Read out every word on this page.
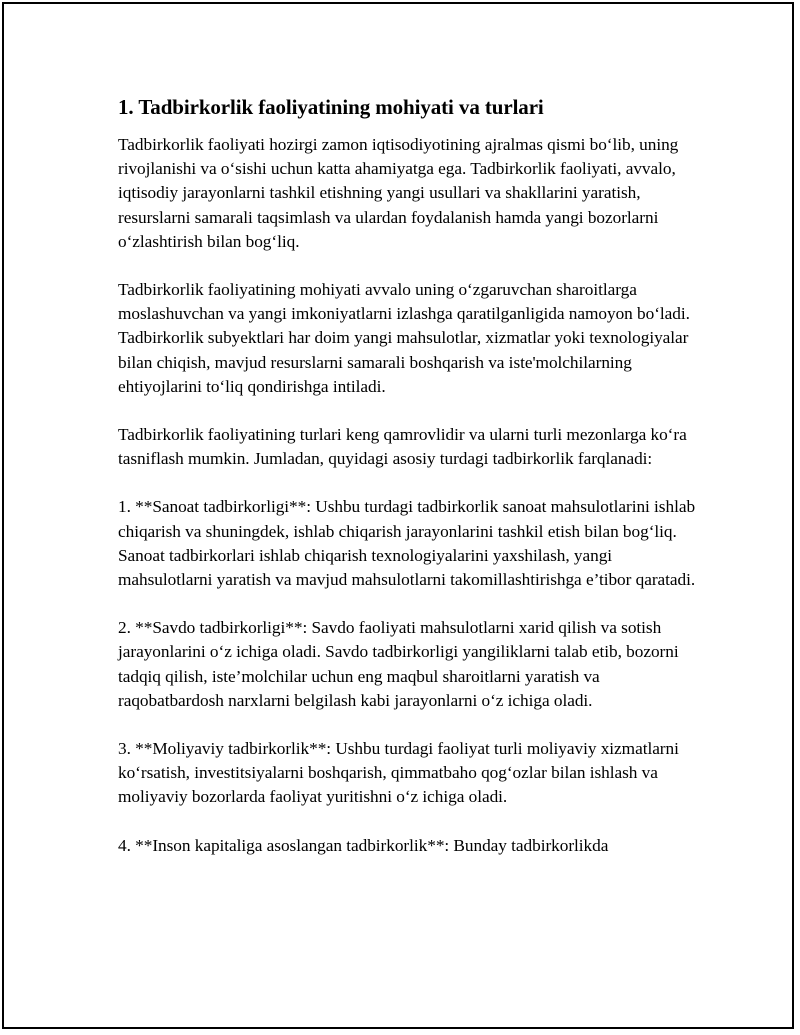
1. Tadbirkorlik faoliyatining mohiyati va turlari

Tadbirkorlik faoliyati hozirgi zamon iqtisodiyotining ajralmas qismi bo‘lib, uning rivojlanishi va o‘sishi uchun katta ahamiyatga ega. Tadbirkorlik faoliyati, avvalo, iqtisodiy jarayonlarni tashkil etishning yangi usullari va shakllarini yaratish, resurslarni samarali taqsimlash va ulardan foydalanish hamda yangi bozorlarni o‘zlashtirish bilan bog‘liq.

Tadbirkorlik faoliyatining mohiyati avvalo uning o‘zgaruvchan sharoitlarga moslashuvchan va yangi imkoniyatlarni izlashga qaratilganligida namoyon bo‘ladi. Tadbirkorlik subyektlari har doim yangi mahsulotlar, xizmatlar yoki texnologiyalar bilan chiqish, mavjud resurslarni samarali boshqarish va iste'molchilarning ehtiyojlarini to‘liq qondirishga intiladi.

Tadbirkorlik faoliyatining turlari keng qamrovlidir va ularni turli mezonlarga ko‘ra tasniflash mumkin. Jumladan, quyidagi asosiy turdagi tadbirkorlik farqlanadi:

1. **Sanoat tadbirkorligi**: Ushbu turdagi tadbirkorlik sanoat mahsulotlarini ishlab chiqarish va shuningdek, ishlab chiqarish jarayonlarini tashkil etish bilan bog‘liq. Sanoat tadbirkorlari ishlab chiqarish texnologiyalarini yaxshilash, yangi mahsulotlarni yaratish va mavjud mahsulotlarni takomillashtirishga e’tibor qaratadi.

2. **Savdo tadbirkorligi**: Savdo faoliyati mahsulotlarni xarid qilish va sotish jarayonlarini o‘z ichiga oladi. Savdo tadbirkorligi yangiliklarni talab etib, bozorni tadqiq qilish, iste’molchilar uchun eng maqbul sharoitlarni yaratish va raqobatbardosh narxlarni belgilash kabi jarayonlarni o‘z ichiga oladi.

3. **Moliyaviy tadbirkorlik**: Ushbu turdagi faoliyat turli moliyaviy xizmatlarni ko‘rsatish, investitsiyalarni boshqarish, qimmatbaho qog‘ozlar bilan ishlash va moliyaviy bozorlarda faoliyat yuritishni o‘z ichiga oladi.

4. **Inson kapitaliga asoslangan tadbirkorlik**: Bunday tadbirkorlikda
